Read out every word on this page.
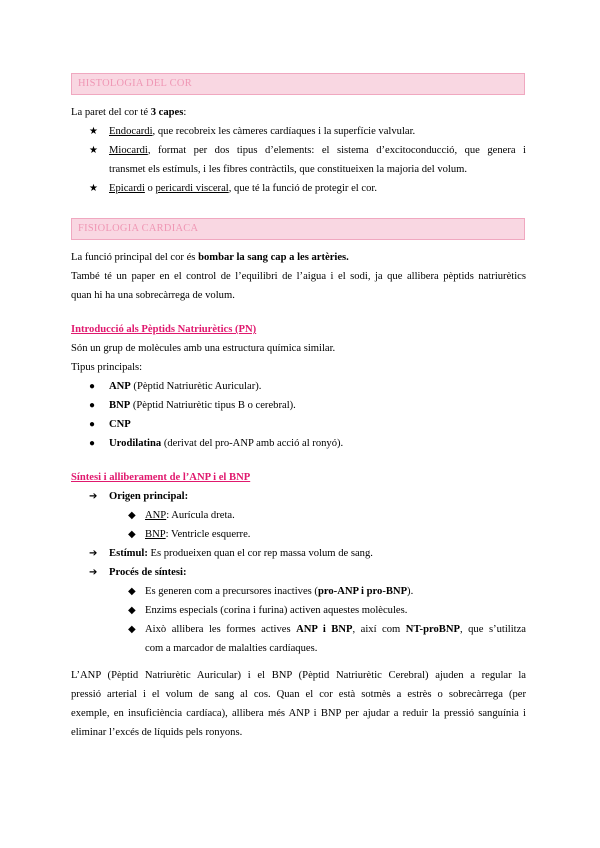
HISTOLOGIA DEL COR
La paret del cor té 3 capes:
★ Endocardi, que recobreix les càmeres cardíaques i la superfície valvular.
★ Miocardi, format per dos tipus d’elements: el sistema d’excitoconducció, que genera i
transmet els estímuls, i les fibres contràctils, que constitueixen la majoria del volum.
★ Epicardi o pericardi visceral, que té la funció de protegir el cor.
FISIOLOGIA CARDIACA
La funció principal del cor és bombar la sang cap a les artèries.
També té un paper en el control de l’equilibri de l’aigua i el sodi, ja que allibera pèptids natriurètics
quan hi ha una sobrecàrrega de volum.
Introducció als Pèptids Natriurètics (PN)
Són un grup de molècules amb una estructura química similar.
Tipus principals:
● ANP (Pèptid Natriurètic Auricular).
● BNP (Pèptid Natriurètic tipus B o cerebral).
● CNP
● Urodilatina (derivat del pro-ANP amb acció al ronyó).
Síntesi i alliberament de l’ANP i el BNP
➔ Origen principal:
◆ ANP: Aurícula dreta.
◆ BNP: Ventricle esquerre.
➔ Estímul: Es produeixen quan el cor rep massa volum de sang.
➔ Procés de síntesi:
◆ Es generen com a precursores inactives (pro-ANP i pro-BNP).
◆ Enzims especials (corina i furina) activen aquestes molècules.
◆ Això allibera les formes actives ANP i BNP, així com NT-proBNP, que s’utilitza
com a marcador de malalties cardíaques.
L’ANP (Pèptid Natriurètic Auricular) i el BNP (Pèptid Natriurètic Cerebral) ajuden a regular la
pressió arterial i el volum de sang al cos. Quan el cor està sotmès a estrès o sobrecàrrega (per
exemple, en insuficiència cardíaca), allibera més ANP i BNP per ajudar a reduir la pressió sanguínia i
eliminar l’excés de líquids pels ronyons.
